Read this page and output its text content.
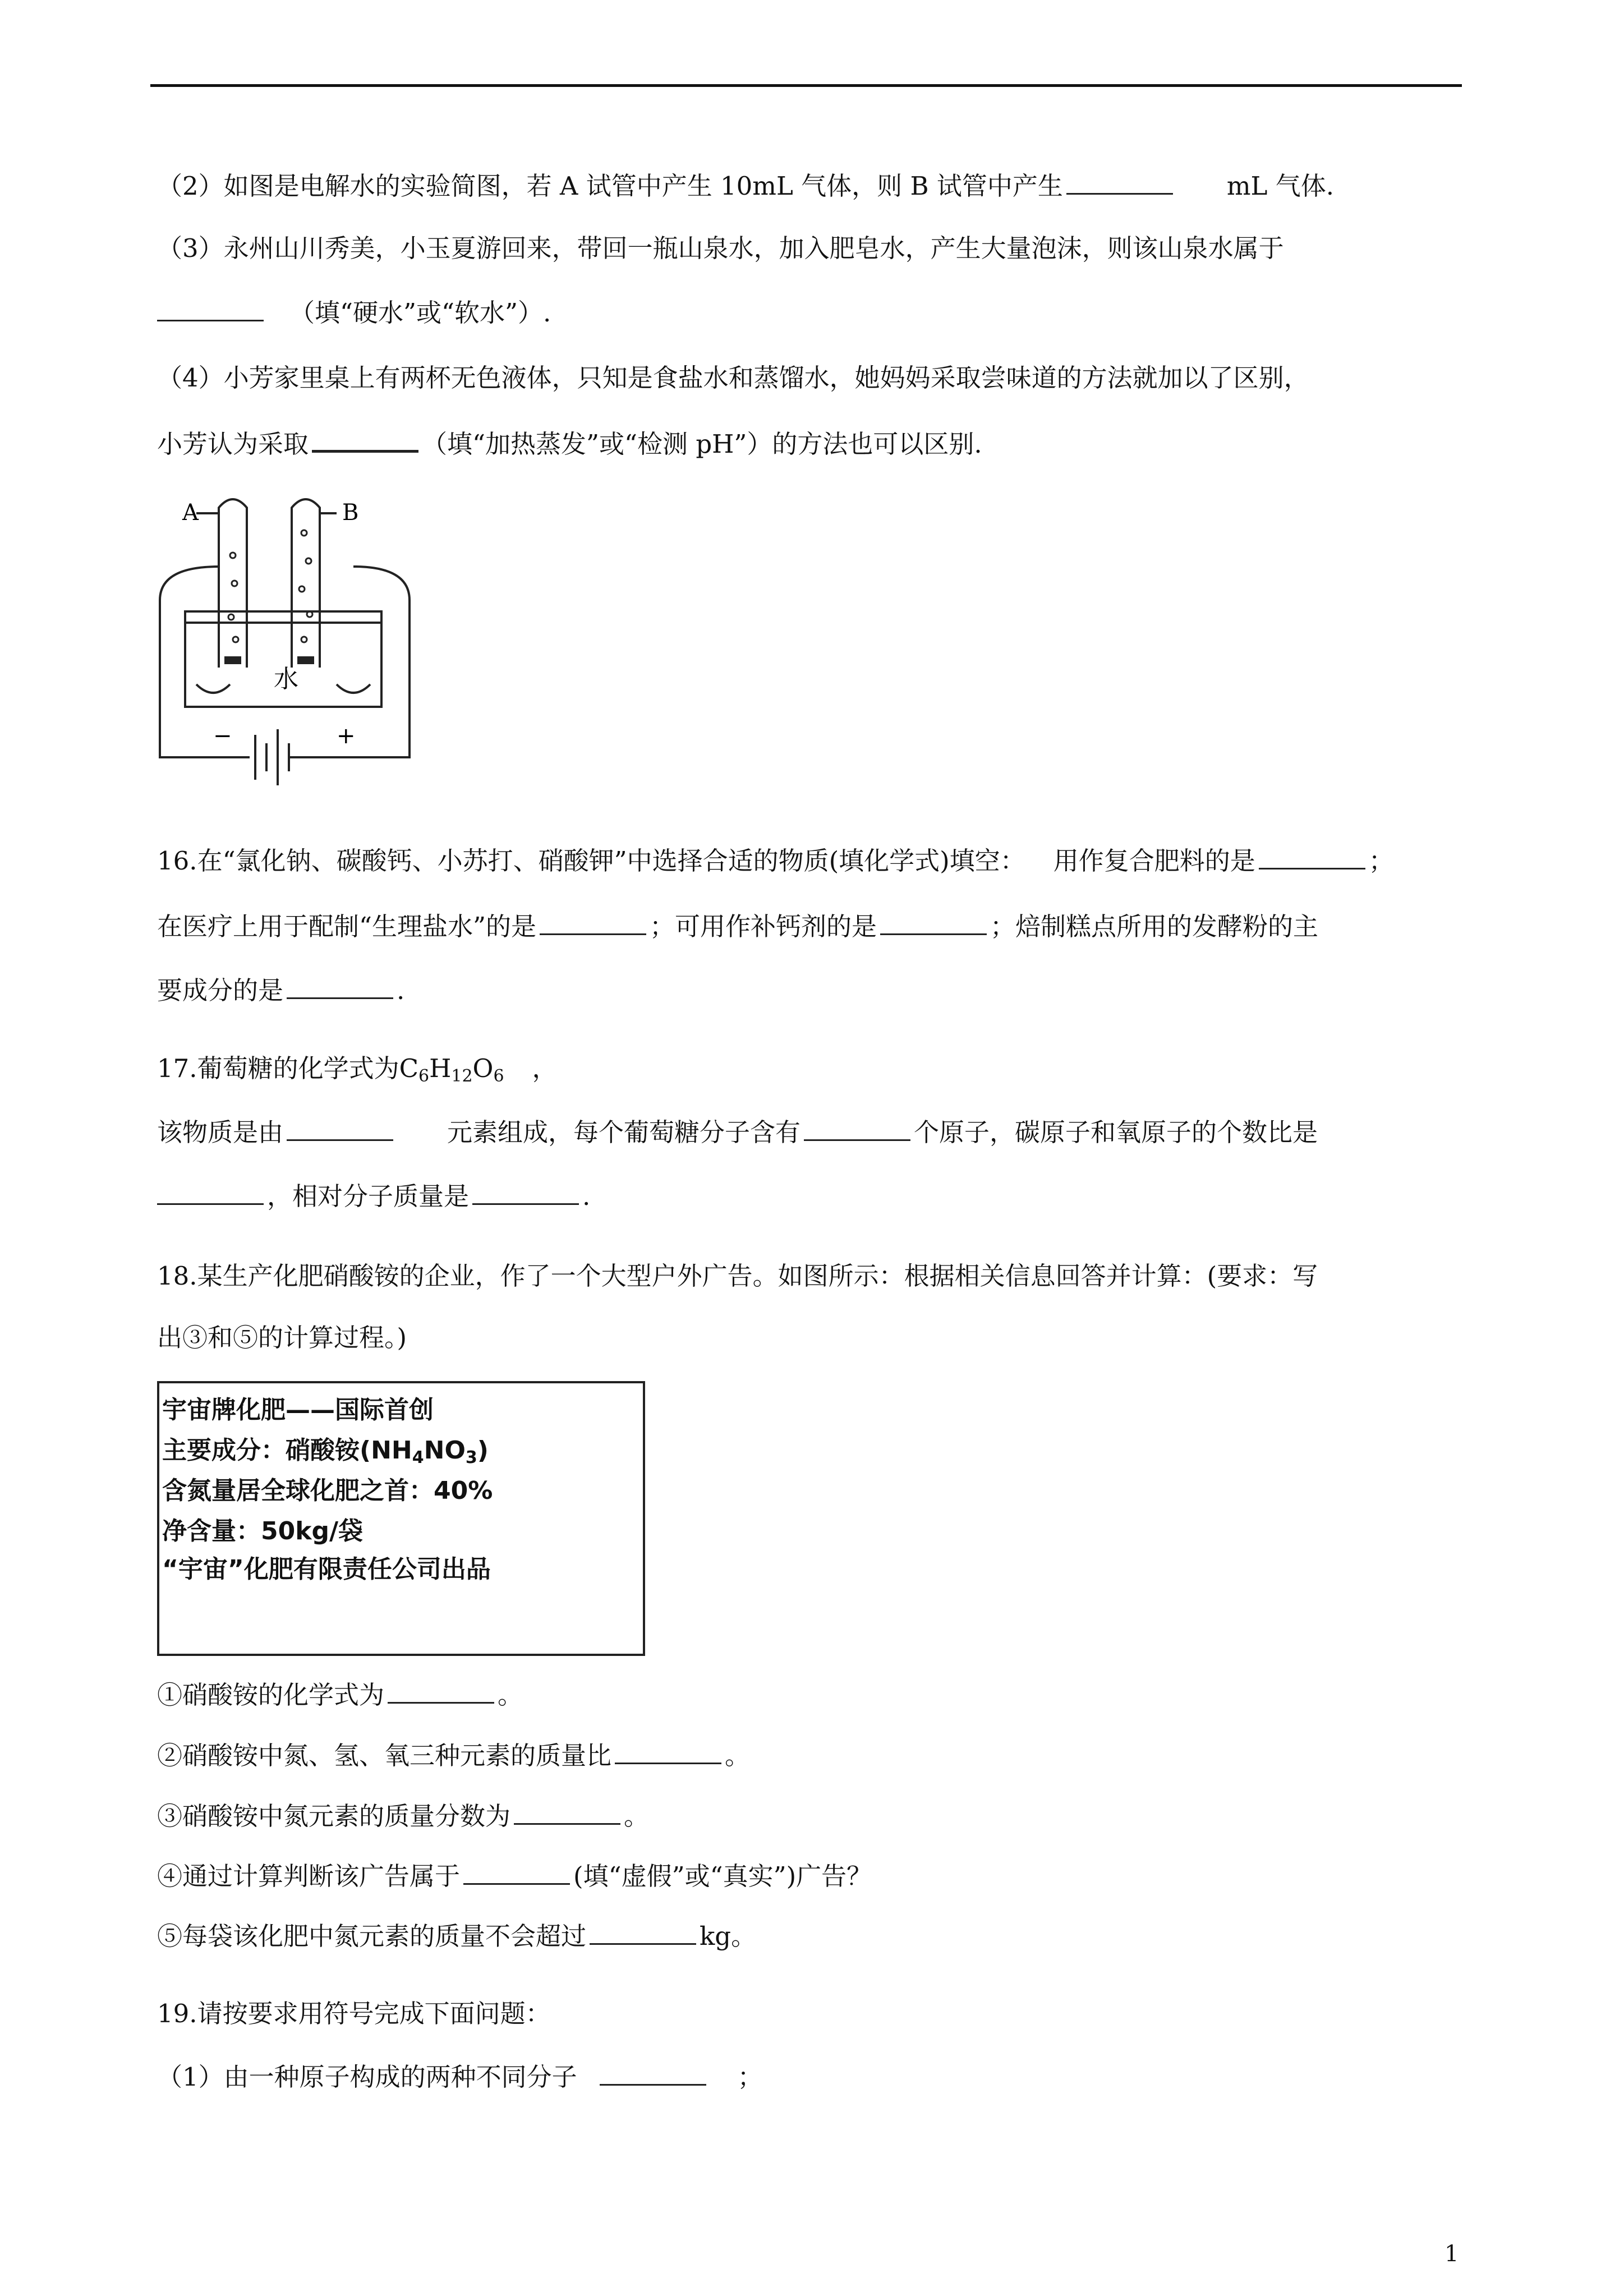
（2）如图是电解水的实验简图，若 A 试管中产生 10mL 气体，则 B 试管中产生	mL 气体.
（3）永州山川秀美，小玉夏游回来，带回一瓶山泉水，加入肥皂水，产生大量泡沫，则该山泉水属于
（填“硬水”或“软水”）.
（4）小芳家里桌上有两杯无色液体，只知是食盐水和蒸馏水，她妈妈采取尝味道的方法就加以了区别，
小芳认为采取	（填“加热蒸发”或“检测 pH”）的方法也可以区别.
A	B
水
−	+
16.在“氯化钠、碳酸钙、小苏打、硝酸钾”中选择合适的物质(填化学式)填空： 用作复合肥料的是	；
在医疗上用于配制“生理盐水”的是	；可用作补钙剂的是	；焙制糕点所用的发酵粉的主
要成分的是	.
17.葡萄糖的化学式为$C_6H_{12}O_6$ ，
该物质是由	元素组成，每个葡萄糖分子含有	个原子，碳原子和氧原子的个数比是
，相对分子质量是	.
18.某生产化肥硝酸铵的企业，作了一个大型户外广告。如图所示：根据相关信息回答并计算：(要求：写
出③和⑤的计算过程。)
宇宙牌化肥——国际首创
主要成分：硝酸铵$(NH_4NO_3)$
含氮量居全球化肥之首：40%
净含量：50kg/袋
“宇宙”化肥有限责任公司出品
①硝酸铵的化学式为	。
②硝酸铵中氮、氢、氧三种元素的质量比	。
③硝酸铵中氮元素的质量分数为	。
④通过计算判断该广告属于	(填“虚假”或“真实”)广告？
⑤每袋该化肥中氮元素的质量不会超过	kg。
19.请按要求用符号完成下面问题：
（1）由一种原子构成的两种不同分子	；
1
